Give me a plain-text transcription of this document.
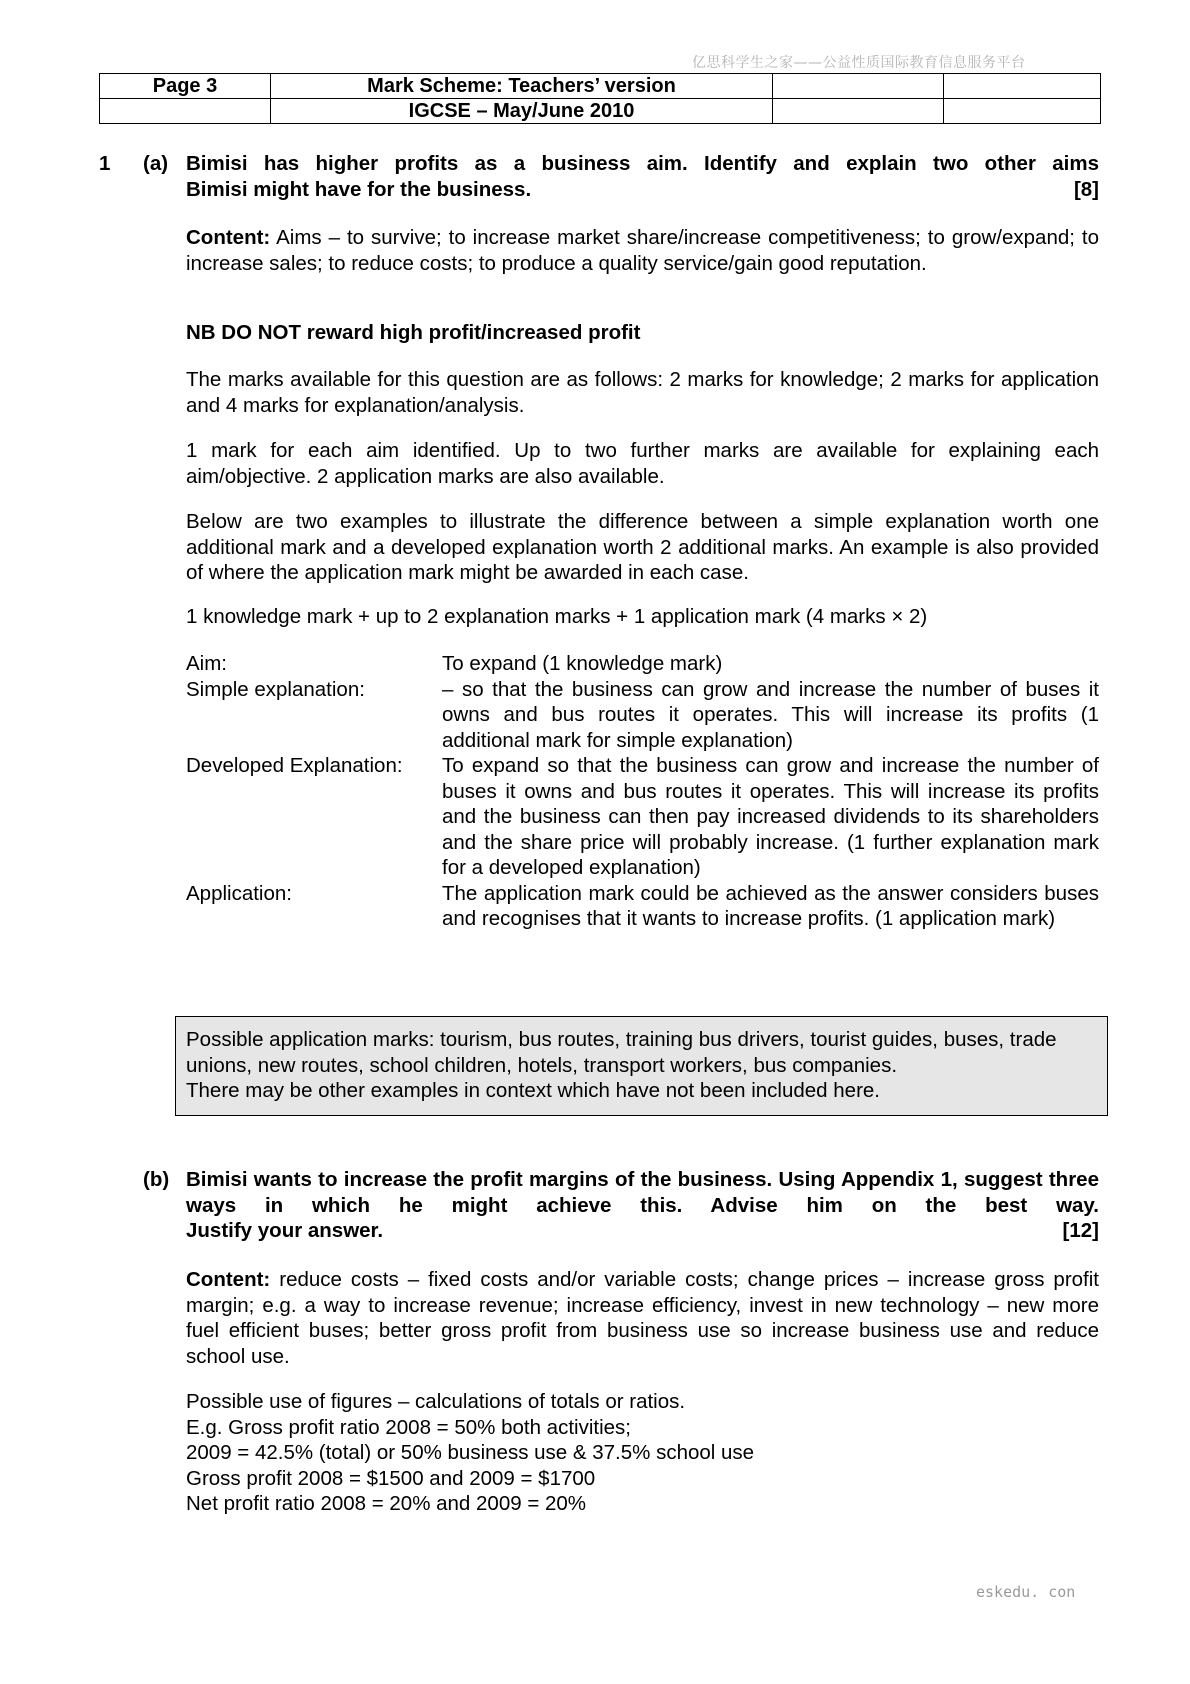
亿思科学生之家——公益性质国际教育信息服务平台
Page 3	Mark Scheme: Teachers’ version		
	IGCSE – May/June 2010		
1 (a) Bimisi has higher profits as a business aim. Identify and explain two other aims
Bimisi might have for the business.	[8]
Content: Aims – to survive; to increase market share/increase competitiveness; to grow/expand; to increase sales; to reduce costs; to produce a quality service/gain good reputation.
NB DO NOT reward high profit/increased profit
The marks available for this question are as follows: 2 marks for knowledge; 2 marks for application and 4 marks for explanation/analysis.
1 mark for each aim identified. Up to two further marks are available for explaining each aim/objective. 2 application marks are also available.
Below are two examples to illustrate the difference between a simple explanation worth one additional mark and a developed explanation worth 2 additional marks. An example is also provided of where the application mark might be awarded in each case.
1 knowledge mark + up to 2 explanation marks + 1 application mark (4 marks × 2)
Aim:	To expand (1 knowledge mark)
Simple explanation:	– so that the business can grow and increase the number of buses it owns and bus routes it operates. This will increase its profits (1 additional mark for simple explanation)
Developed Explanation:	To expand so that the business can grow and increase the number of buses it owns and bus routes it operates. This will increase its profits and the business can then pay increased dividends to its shareholders and the share price will probably increase. (1 further explanation mark for a developed explanation)
Application:	The application mark could be achieved as the answer considers buses and recognises that it wants to increase profits. (1 application mark)
Possible application marks: tourism, bus routes, training bus drivers, tourist guides, buses, trade unions, new routes, school children, hotels, transport workers, bus companies.
There may be other examples in context which have not been included here.
(b) Bimisi wants to increase the profit margins of the business. Using Appendix 1, suggest three ways in which he might achieve this. Advise him on the best way.
Justify your answer.	[12]
Content: reduce costs – fixed costs and/or variable costs; change prices – increase gross profit margin; e.g. a way to increase revenue; increase efficiency, invest in new technology – new more fuel efficient buses; better gross profit from business use so increase business use and reduce school use.
Possible use of figures – calculations of totals or ratios.
E.g. Gross profit ratio 2008 = 50% both activities;
2009 = 42.5% (total) or 50% business use & 37.5% school use
Gross profit 2008 = $1500 and 2009 = $1700
Net profit ratio 2008 = 20% and 2009 = 20%
eskedu. con
